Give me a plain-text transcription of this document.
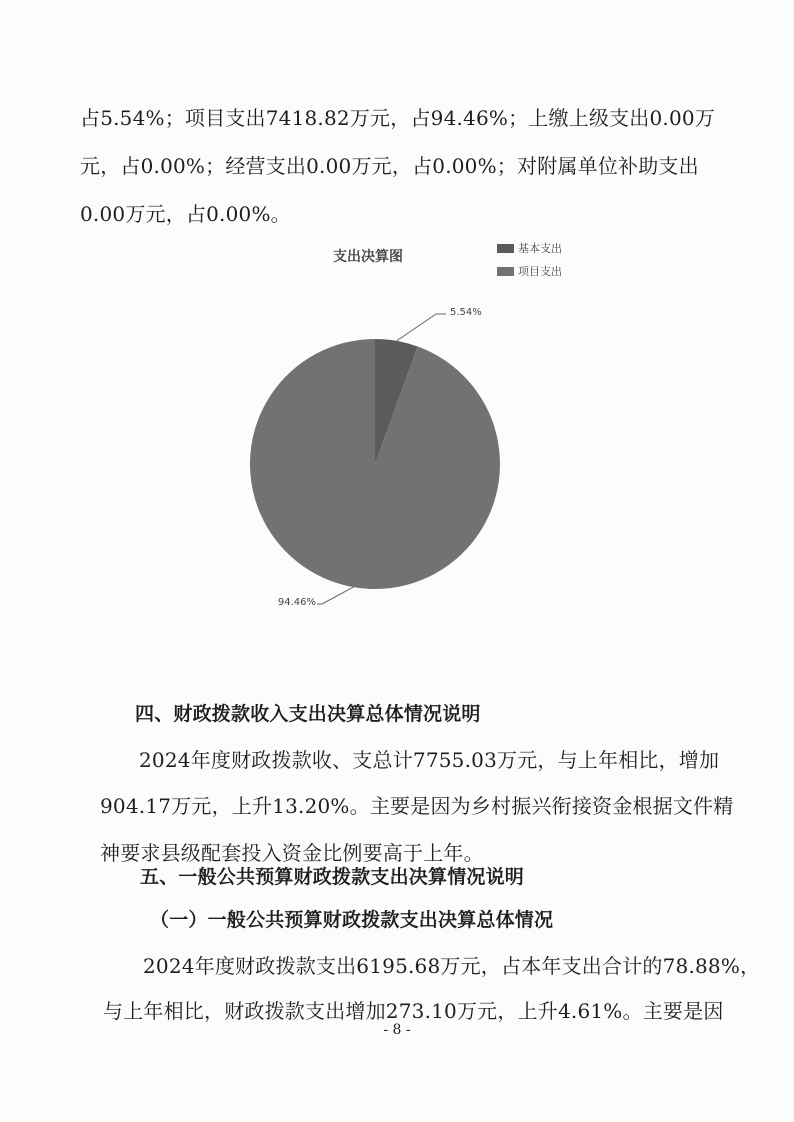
占5.54%；项目支出7418.82万元，占94.46%；上缴上级支出0.00万

元，占0.00%；经营支出0.00万元，占0.00%；对附属单位补助支出

0.00万元，占0.00%。

支出决算图
基本支出
项目支出
5.54%
94.46%

四、财政拨款收入支出决算总体情况说明

2024年度财政拨款收、支总计7755.03万元，与上年相比，增加

904.17万元，上升13.20%。主要是因为乡村振兴衔接资金根据文件精

神要求县级配套投入资金比例要高于上年。

五、一般公共预算财政拨款支出决算情况说明

（一）一般公共预算财政拨款支出决算总体情况

2024年度财政拨款支出6195.68万元，占本年支出合计的78.88%，

与上年相比，财政拨款支出增加273.10万元，上升4.61%。主要是因

- 8 -
